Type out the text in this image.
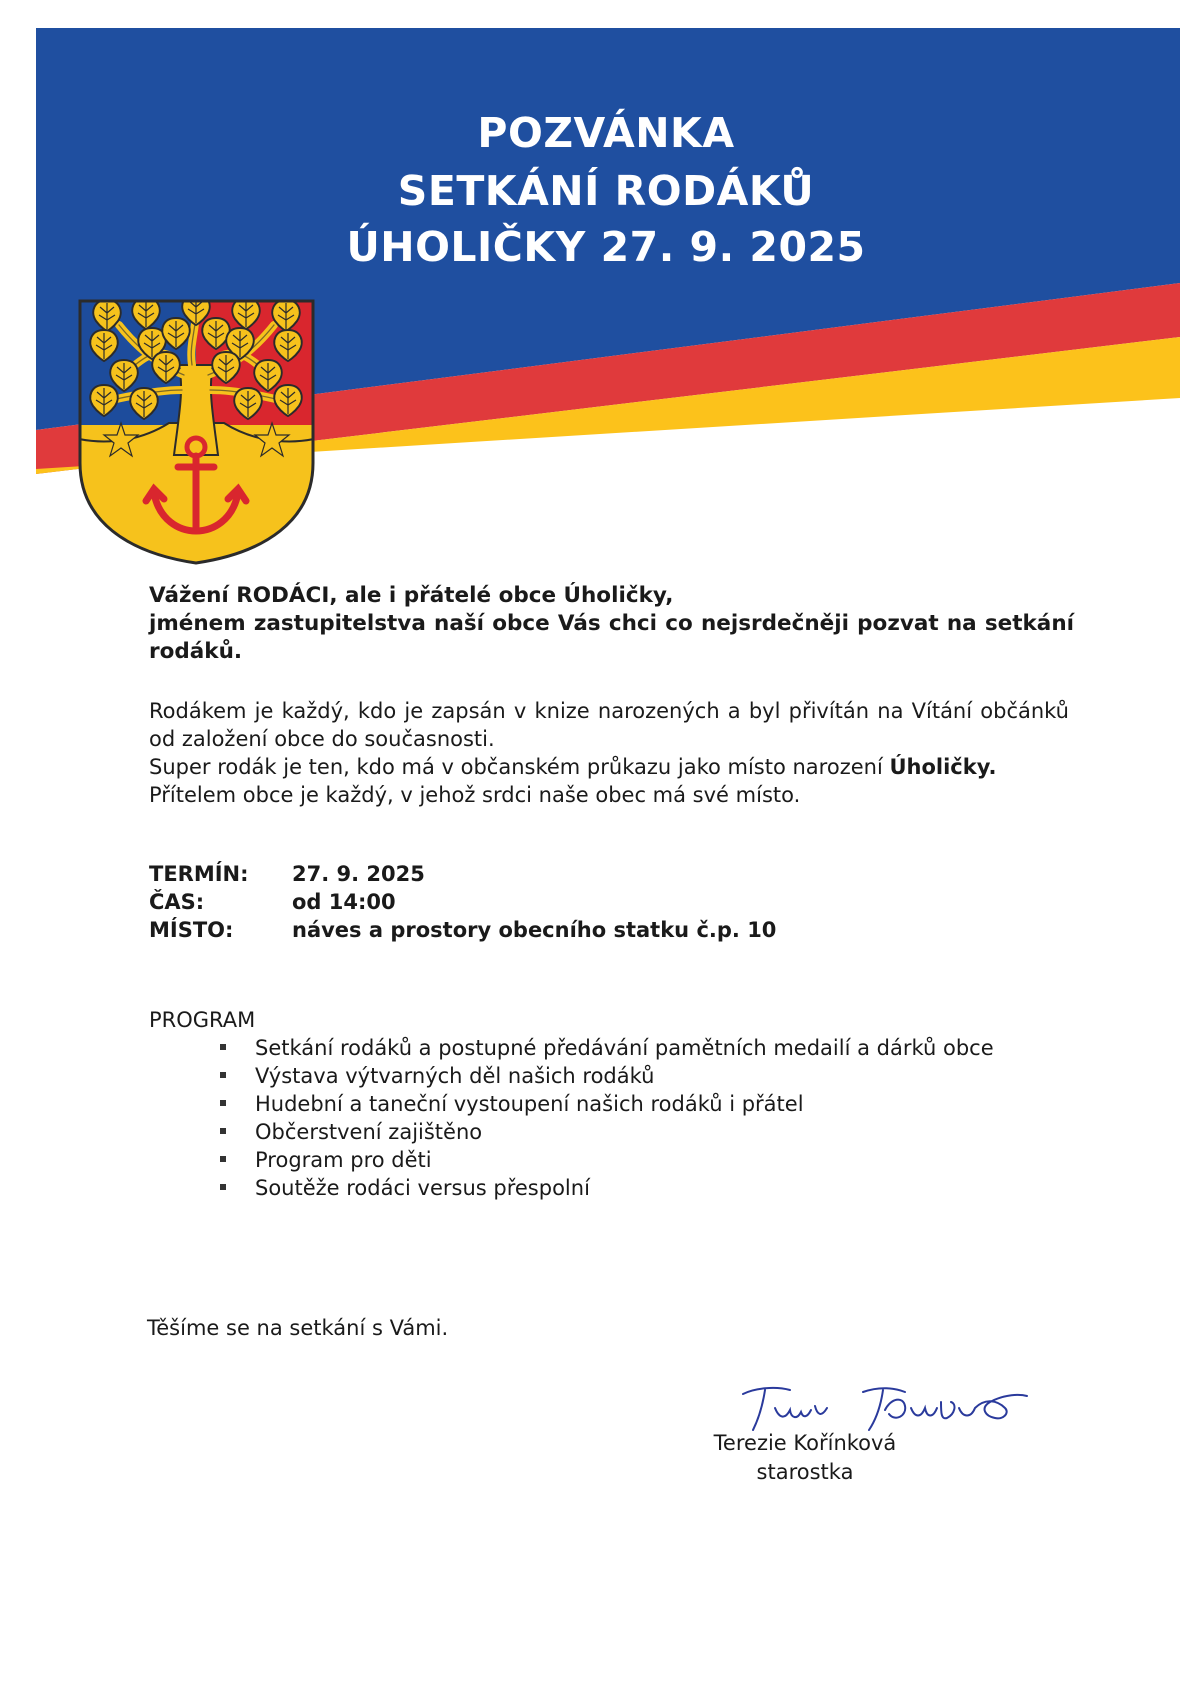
POZVÁNKA
SETKÁNÍ RODÁKŮ
ÚHOLIČKY 27. 9. 2025
Vážení RODÁCI, ale i přátelé obce Úholičky,
jménem zastupitelstva naší obce Vás chci co nejsrdečněji pozvat na setkání rodáků.
Rodákem je každý, kdo je zapsán v knize narozených a byl přivítán na Vítání občánků od založení obce do současnosti.
Super rodák je ten, kdo má v občanském průkazu jako místo narození Úholičky.
Přítelem obce je každý, v jehož srdci naše obec má své místo.
TERMÍN: 27. 9. 2025
ČAS:	od 14:00
MÍSTO:	náves a prostory obecního statku č.p. 10
PROGRAM
Setkání rodáků a postupné předávání pamětních medailí a dárků obce
Výstava výtvarných děl našich rodáků
Hudební a taneční vystoupení našich rodáků i přátel
Občerstvení zajištěno
Program pro děti
Soutěže rodáci versus přespolní
Těšíme se na setkání s Vámi.
Terezie Kořínková
starostka
